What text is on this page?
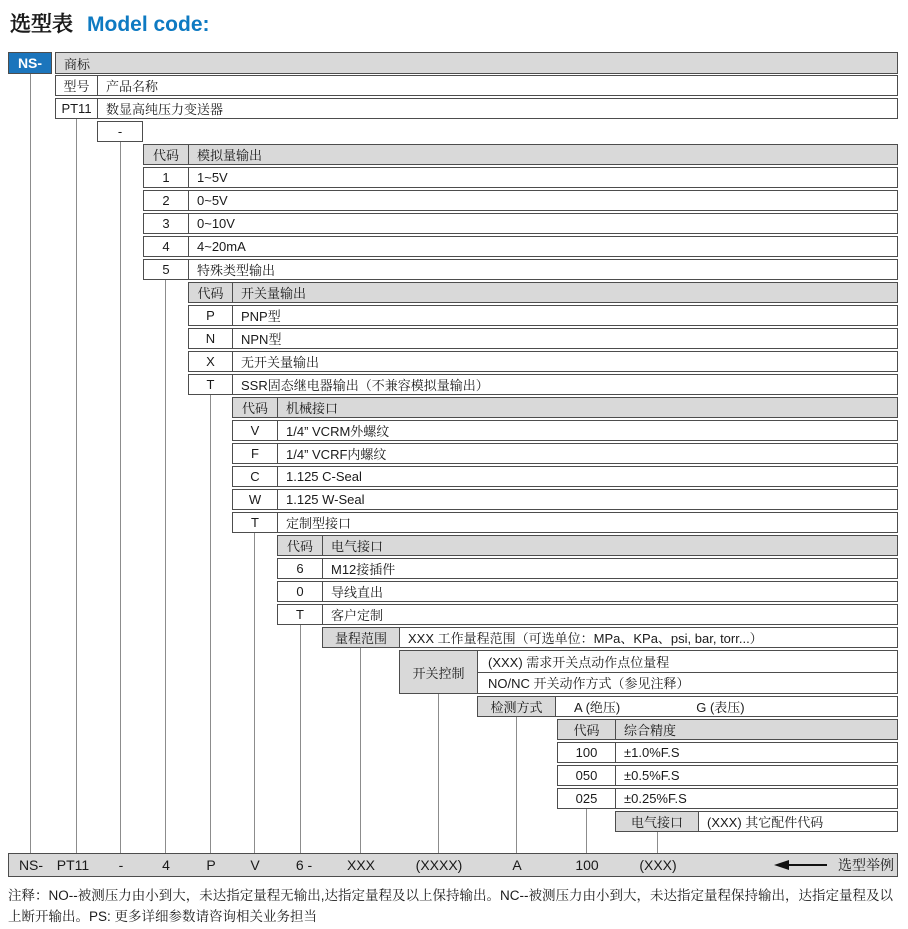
选型表 Model code:
NS-	商标
型号	产品名称
PT11	数显高纯压力变送器
-
代码	模拟量输出
1	1~5V
2	0~5V
3	0~10V
4	4~20mA
5	特殊类型输出
代码	开关量输出
P	PNP型
N	NPN型
X	无开关量输出
T	SSR固态继电器输出（不兼容模拟量输出）
代码	机械接口
V	1/4” VCRM外螺纹
F	1/4” VCRF内螺纹
C	1.125 C-Seal
W	1.125 W-Seal
T	定制型接口
代码	电气接口
6	M12接插件
0	导线直出
T	客户定制
量程范围	XXX 工作量程范围（可选单位：MPa、KPa、psi, bar, torr...）
开关控制
(XXX) 需求开关点动作点位量程
NO/NC 开关动作方式（参见注释）
检测方式	A (绝压)	G (表压)
代码	综合精度
100	±1.0%F.S
050	±0.5%F.S
025	±0.25%F.S
电气接口	(XXX) 其它配件代码
NS- PT11 -	4	P V	6 - XXX	(XXXX)	A	100	(XXX)	选型举例
注释：NO--被测压力由小到大，未达指定量程无输出,达指定量程及以上保持输出。NC--被测压力由小到大，未达指定量程保持输出，达指定量程及以上断开输出。PS: 更多详细参数请咨询相关业务担当
